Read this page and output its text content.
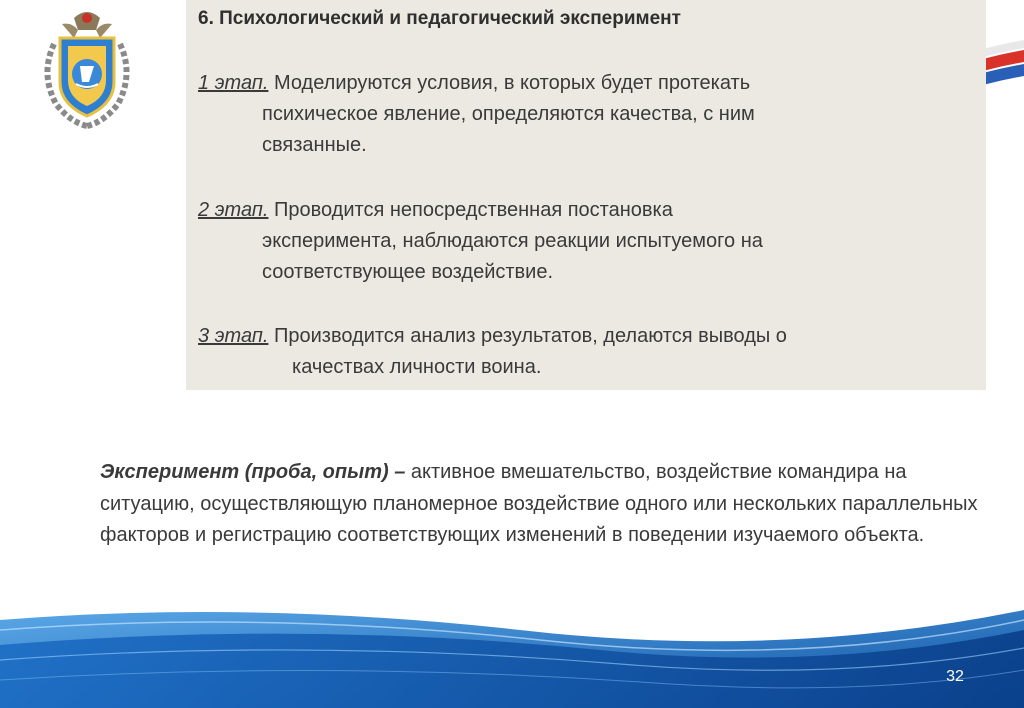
6. Психологический и педагогический эксперимент
1 этап. Моделируются условия, в которых будет протекать
психическое явление, определяются качества, с ним
связанные.
2 этап. Проводится непосредственная постановка
эксперимента, наблюдаются реакции испытуемого на
соответствующее воздействие.
3 этап. Производится анализ результатов, делаются выводы о
качествах личности воина.
Эксперимент (проба, опыт) – активное вмешательство, воздействие командира на ситуацию, осуществляющую планомерное воздействие одного или нескольких параллельных факторов и регистрацию соответствующих изменений в поведении изучаемого объекта.
32
